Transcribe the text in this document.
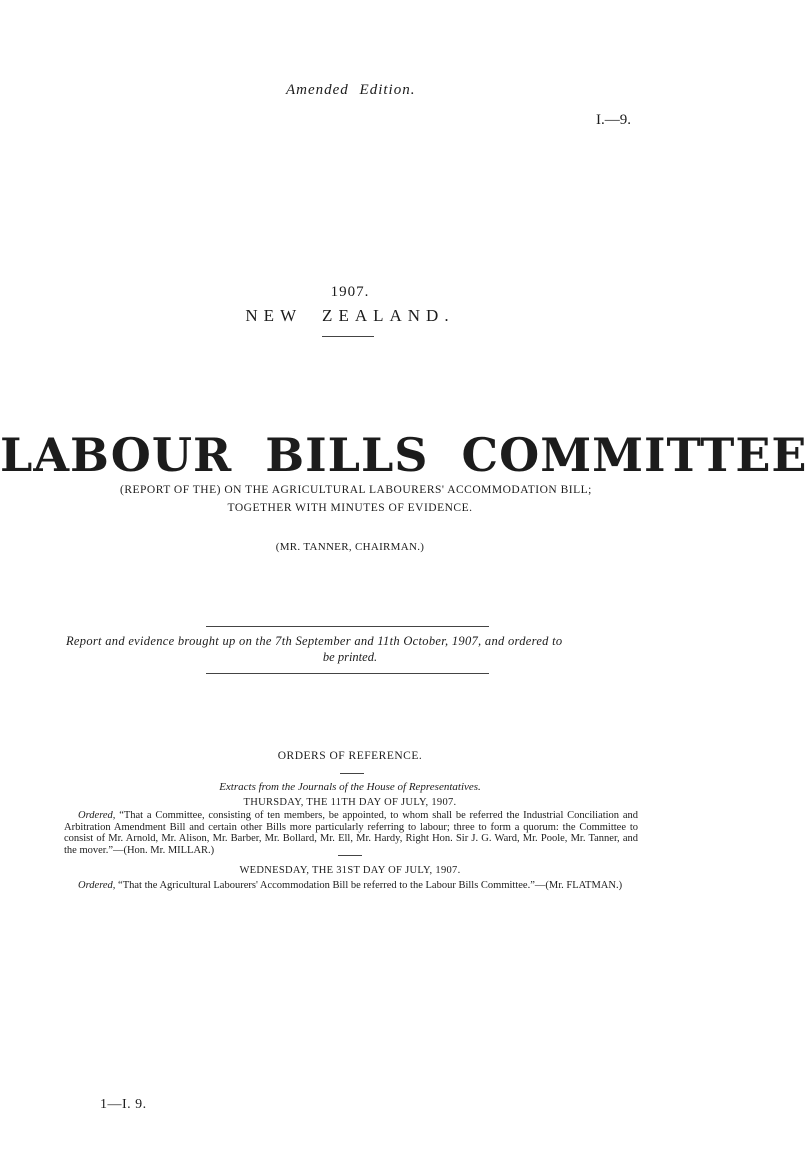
Amended Edition.
I.—9.
1907.
NEW ZEALAND.
LABOUR BILLS COMMITTEE
(REPORT OF THE) ON THE AGRICULTURAL LABOURERS' ACCOMMODATION BILL;
TOGETHER WITH MINUTES OF EVIDENCE.
(MR. TANNER, CHAIRMAN.)
Report and evidence brought up on the 7th September and 11th October, 1907, and ordered to
be printed.
ORDERS OF REFERENCE.
Extracts from the Journals of the House of Representatives.
THURSDAY, THE 11TH DAY OF JULY, 1907.
Ordered, “That a Committee, consisting of ten members, be appointed, to whom shall be referred the Industrial Conciliation and Arbitration Amendment Bill and certain other Bills more particularly referring to labour; three to form a quorum: the Committee to consist of Mr. Arnold, Mr. Alison, Mr. Barber, Mr. Bollard, Mr. Ell, Mr. Hardy, Right Hon. Sir J. G. Ward, Mr. Poole, Mr. Tanner, and the mover.”—(Hon. Mr. MILLAR.)
WEDNESDAY, THE 31ST DAY OF JULY, 1907.
Ordered, “That the Agricultural Labourers' Accommodation Bill be referred to the Labour Bills Committee.”—(Mr. FLATMAN.)
1—I. 9.
